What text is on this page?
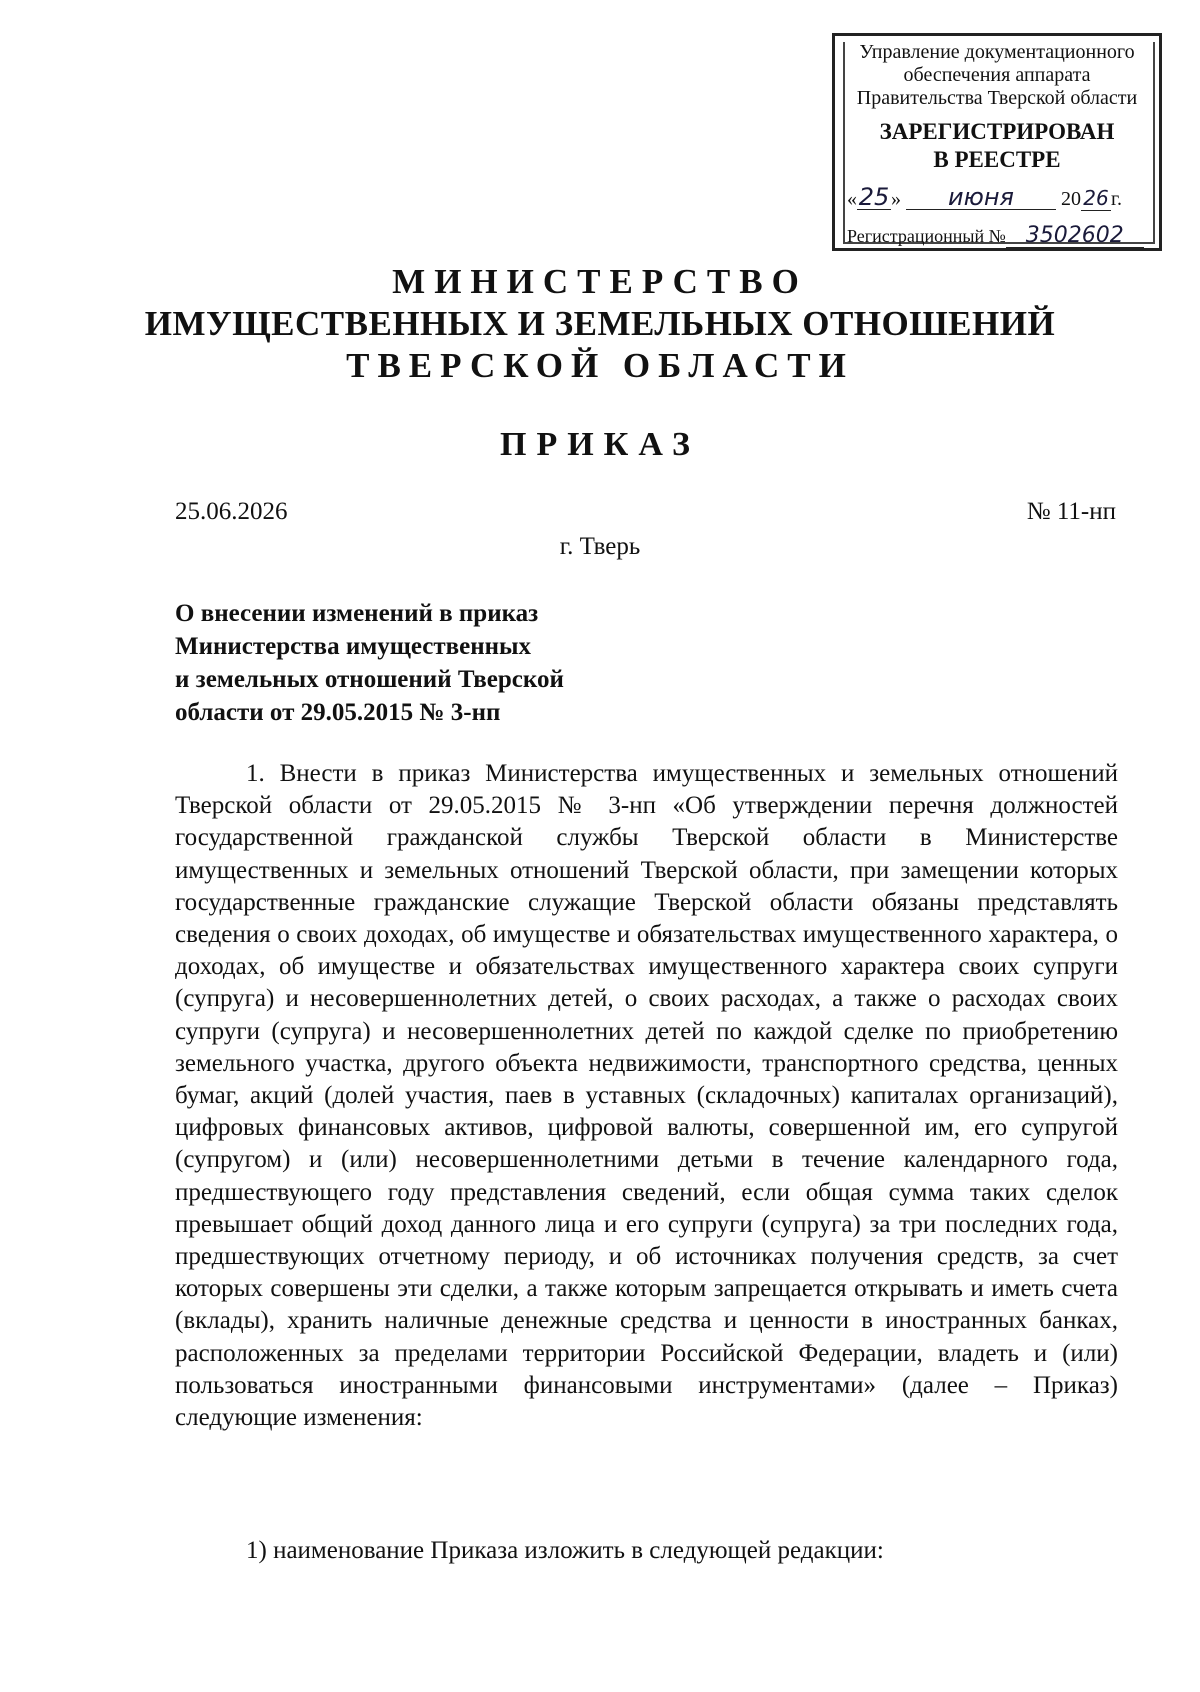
Управление документационного
обеспечения аппарата
Правительства Тверской области
ЗАРЕГИСТРИРОВАН
В РЕЕСТРЕ
«25» июня 20 26 г.
Регистрационный № 3502602
МИНИСТЕРСТВО
ИМУЩЕСТВЕННЫХ И ЗЕМЕЛЬНЫХ ОТНОШЕНИЙ
ТВЕРСКОЙ ОБЛАСТИ
ПРИКАЗ
25.06.2026	№ 11-нп
г. Тверь
О внесении изменений в приказ
Министерства имущественных
и земельных отношений Тверской
области от 29.05.2015 № 3-нп
1. Внести в приказ Министерства имущественных и земельных отношений Тверской области от 29.05.2015 № 3-нп «Об утверждении перечня должностей государственной гражданской службы Тверской области в Министерстве имущественных и земельных отношений Тверской области, при замещении которых государственные гражданские служащие Тверской области обязаны представлять сведения о своих доходах, об имуществе и обязательствах имущественного характера, о доходах, об имуществе и обязательствах имущественного характера своих супруги (супруга) и несовершеннолетних детей, о своих расходах, а также о расходах своих супруги (супруга) и несовершеннолетних детей по каждой сделке по приобретению земельного участка, другого объекта недвижимости, транспортного средства, ценных бумаг, акций (долей участия, паев в уставных (складочных) капиталах организаций), цифровых финансовых активов, цифровой валюты, совершенной им, его супругой (супругом) и (или) несовершеннолетними детьми в течение календарного года, предшествующего году представления сведений, если общая сумма таких сделок превышает общий доход данного лица и его супруги (супруга) за три последних года, предшествующих отчетному периоду, и об источниках получения средств, за счет которых совершены эти сделки, а также которым запрещается открывать и иметь счета (вклады), хранить наличные денежные средства и ценности в иностранных банках, расположенных за пределами территории Российской Федерации, владеть и (или) пользоваться иностранными финансовыми инструментами» (далее – Приказ) следующие изменения:
1) наименование Приказа изложить в следующей редакции:
